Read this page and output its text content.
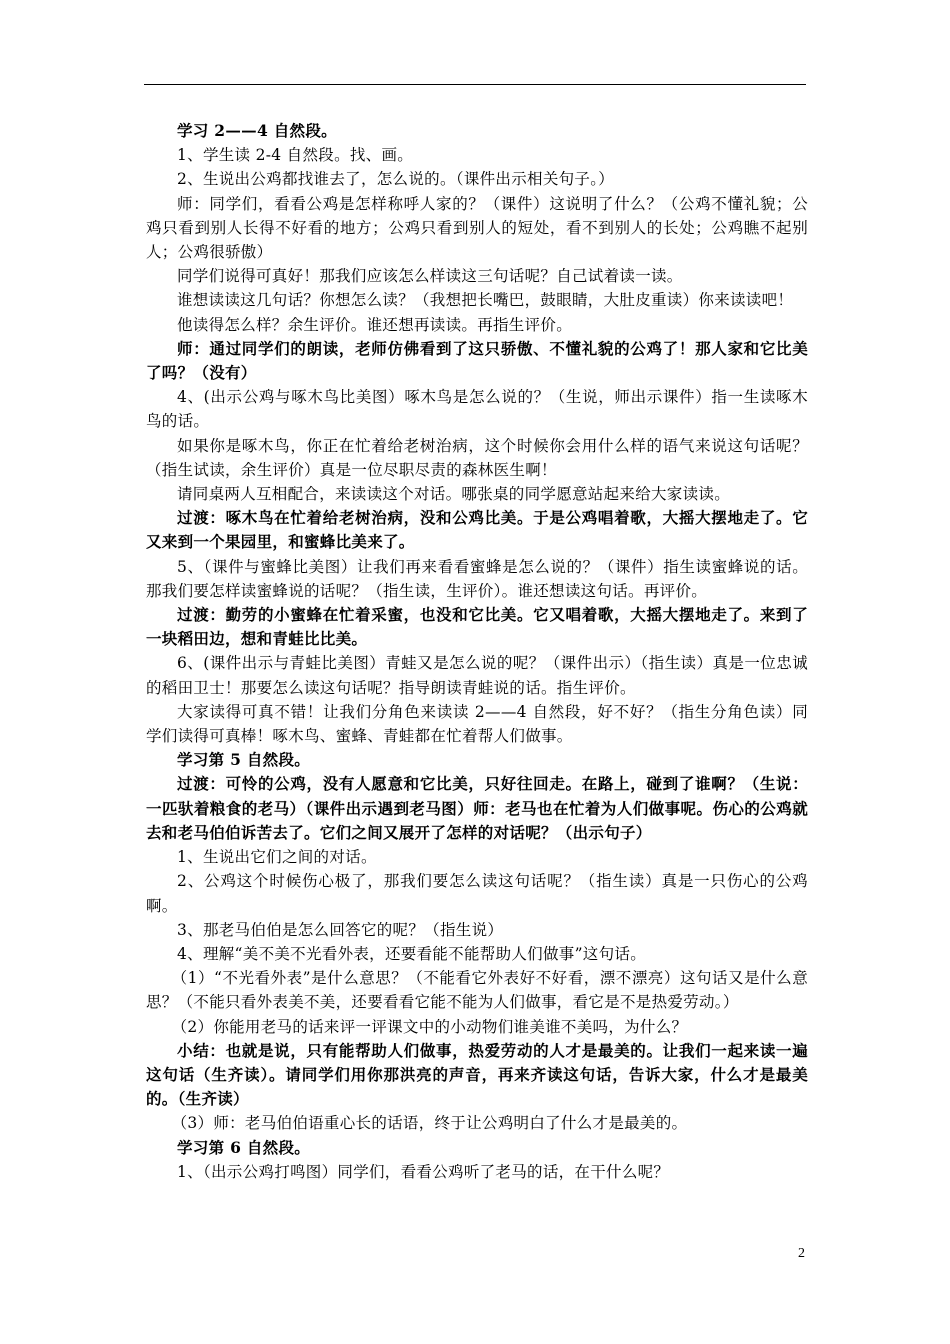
学习 2——4 自然段。

1、学生读 2-4 自然段。找、画。

2、生说出公鸡都找谁去了，怎么说的。（课件出示相关句子。）

师：同学们，看看公鸡是怎样称呼人家的？（课件）这说明了什么？（公鸡不懂礼貌；公鸡只看到别人长得不好看的地方；公鸡只看到别人的短处，看不到别人的长处；公鸡瞧不起别人；公鸡很骄傲）

同学们说得可真好！那我们应该怎么样读这三句话呢？自己试着读一读。

谁想读读这几句话？你想怎么读？（我想把长嘴巴，鼓眼睛，大肚皮重读）你来读读吧！

他读得怎么样？余生评价。谁还想再读读。再指生评价。

师：通过同学们的朗读，老师仿佛看到了这只骄傲、不懂礼貌的公鸡了！那人家和它比美了吗？（没有）

4、(出示公鸡与啄木鸟比美图）啄木鸟是怎么说的？（生说，师出示课件）指一生读啄木鸟的话。

如果你是啄木鸟，你正在忙着给老树治病，这个时候你会用什么样的语气来说这句话呢？（指生试读，余生评价）真是一位尽职尽责的森林医生啊！

请同桌两人互相配合，来读读这个对话。哪张桌的同学愿意站起来给大家读读。

过渡：啄木鸟在忙着给老树治病，没和公鸡比美。于是公鸡唱着歌，大摇大摆地走了。它又来到一个果园里，和蜜蜂比美来了。

5、（课件与蜜蜂比美图）让我们再来看看蜜蜂是怎么说的？（课件）指生读蜜蜂说的话。那我们要怎样读蜜蜂说的话呢？（指生读，生评价）。谁还想读这句话。再评价。

过渡：勤劳的小蜜蜂在忙着采蜜，也没和它比美。它又唱着歌，大摇大摆地走了。来到了一块稻田边，想和青蛙比比美。

6、(课件出示与青蛙比美图）青蛙又是怎么说的呢？（课件出示）（指生读）真是一位忠诚的稻田卫士！那要怎么读这句话呢？指导朗读青蛙说的话。指生评价。

大家读得可真不错！让我们分角色来读读 2——4 自然段，好不好？（指生分角色读）同学们读得可真棒！啄木鸟、蜜蜂、青蛙都在忙着帮人们做事。

学习第 5 自然段。

过渡：可怜的公鸡，没有人愿意和它比美，只好往回走。在路上，碰到了谁啊？（生说：一匹驮着粮食的老马）（课件出示遇到老马图）师：老马也在忙着为人们做事呢。伤心的公鸡就去和老马伯伯诉苦去了。它们之间又展开了怎样的对话呢？（出示句子）

1、生说出它们之间的对话。

2、公鸡这个时候伤心极了，那我们要怎么读这句话呢？（指生读）真是一只伤心的公鸡啊。

3、那老马伯伯是怎么回答它的呢？（指生说）

4、理解“美不美不光看外表，还要看能不能帮助人们做事”这句话。

（1）“不光看外表”是什么意思？（不能看它外表好不好看，漂不漂亮）这句话又是什么意思？（不能只看外表美不美，还要看看它能不能为人们做事，看它是不是热爱劳动。）

（2）你能用老马的话来评一评课文中的小动物们谁美谁不美吗，为什么？

小结：也就是说，只有能帮助人们做事，热爱劳动的人才是最美的。让我们一起来读一遍这句话（生齐读）。请同学们用你那洪亮的声音，再来齐读这句话，告诉大家，什么才是最美的。（生齐读）

（3）师：老马伯伯语重心长的话语，终于让公鸡明白了什么才是最美的。

学习第 6 自然段。

1、（出示公鸡打鸣图）同学们，看看公鸡听了老马的话，在干什么呢？

2
